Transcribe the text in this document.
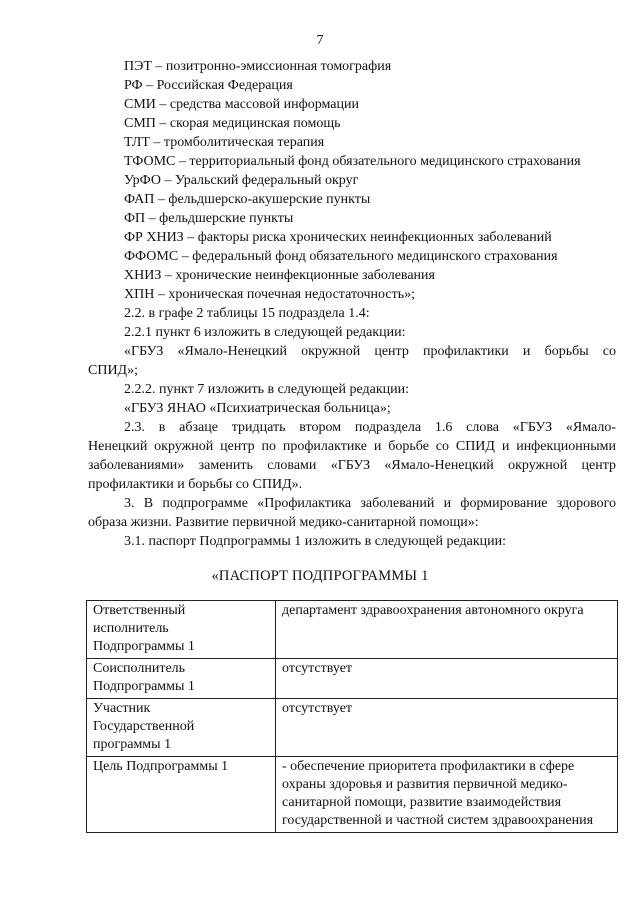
7
ПЭТ – позитронно-эмиссионная томография
РФ – Российская Федерация
СМИ – средства массовой информации
СМП – скорая медицинская помощь
ТЛТ – тромболитическая терапия
ТФОМС – территориальный фонд обязательного медицинского страхования
УрФО – Уральский федеральный округ
ФАП – фельдшерско-акушерские пункты
ФП – фельдшерские пункты
ФР ХНИЗ – факторы риска хронических неинфекционных заболеваний
ФФОМС – федеральный фонд обязательного медицинского страхования
ХНИЗ – хронические неинфекционные заболевания
ХПН – хроническая почечная недостаточность»;
2.2. в графе 2 таблицы 15 подраздела 1.4:
2.2.1 пункт 6 изложить в следующей редакции:
«ГБУЗ «Ямало-Ненецкий окружной центр профилактики и борьбы со
СПИД»;
2.2.2. пункт 7 изложить в следующей редакции:
«ГБУЗ ЯНАО «Психиатрическая больница»;
2.3. в абзаце тридцать втором подраздела 1.6 слова «ГБУЗ «Ямало-
Ненецкий окружной центр по профилактике и борьбе со СПИД и инфекционными
заболеваниями» заменить словами «ГБУЗ «Ямало-Ненецкий окружной центр
профилактики и борьбы со СПИД».
3. В подпрограмме «Профилактика заболеваний и формирование здорового
образа жизни. Развитие первичной медико-санитарной помощи»:
3.1. паспорт Подпрограммы 1 изложить в следующей редакции:
«ПАСПОРТ ПОДПРОГРАММЫ 1
Ответственный
исполнитель
Подпрограммы 1	департамент здравоохранения автономного округа

Соисполнитель
Подпрограммы 1	отсутствует

Участник
Государственной
программы 1	отсутствует

Цель Подпрограммы 1	- обеспечение приоритета профилактики в сфере
охраны здоровья и развития первичной медико-
санитарной помощи, развитие взаимодействия
государственной и частной систем здравоохранения
